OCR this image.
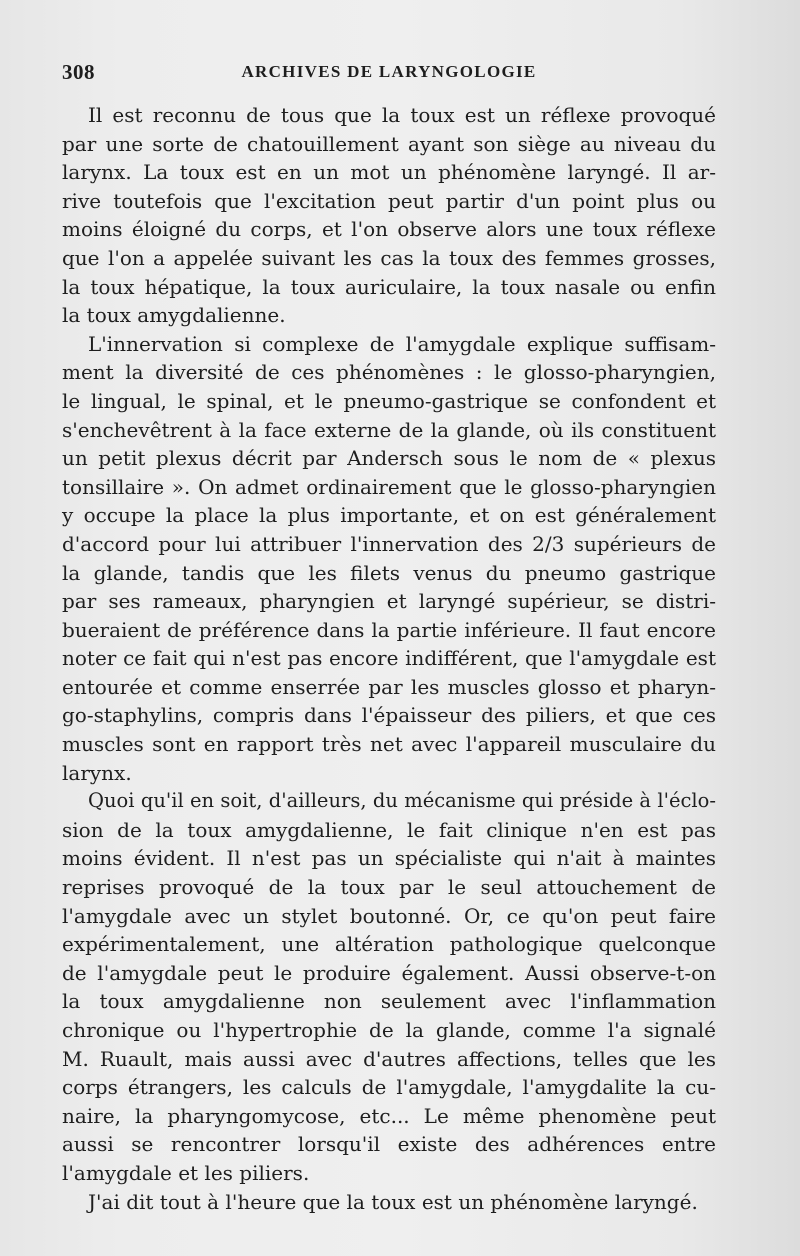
308	ARCHIVES DE LARYNGOLOGIE
Il est reconnu de tous que la toux est un réflexe provoqué
par une sorte de chatouillement ayant son siège au niveau du
larynx. La toux est en un mot un phénomène laryngé. Il ar-
rive toutefois que l'excitation peut partir d'un point plus ou
moins éloigné du corps, et l'on observe alors une toux réflexe
que l'on a appelée suivant les cas la toux des femmes grosses,
la toux hépatique, la toux auriculaire, la toux nasale ou enfin
la toux amygdalienne.
L'innervation si complexe de l'amygdale explique suffisam-
ment la diversité de ces phénomènes : le glosso-pharyngien,
le lingual, le spinal, et le pneumo-gastrique se confondent et
s'enchevêtrent à la face externe de la glande, où ils constituent
un petit plexus décrit par Andersch sous le nom de « plexus
tonsillaire ». On admet ordinairement que le glosso-pharyngien
y occupe la place la plus importante, et on est généralement
d'accord pour lui attribuer l'innervation des 2/3 supérieurs de
la glande, tandis que les filets venus du pneumo gastrique
par ses rameaux, pharyngien et laryngé supérieur, se distri-
bueraient de préférence dans la partie inférieure. Il faut encore
noter ce fait qui n'est pas encore indifférent, que l'amygdale est
entourée et comme enserrée par les muscles glosso et pharyn-
go-staphylins, compris dans l'épaisseur des piliers, et que ces
muscles sont en rapport très net avec l'appareil musculaire du
larynx.
Quoi qu'il en soit, d'ailleurs, du mécanisme qui préside à l'éclo-
sion de la toux amygdalienne, le fait clinique n'en est pas
moins évident. Il n'est pas un spécialiste qui n'ait à maintes
reprises provoqué de la toux par le seul attouchement de
l'amygdale avec un stylet boutonné. Or, ce qu'on peut faire
expérimentalement, une altération pathologique quelconque
de l'amygdale peut le produire également. Aussi observe-t-on
la toux amygdalienne non seulement avec l'inflammation
chronique ou l'hypertrophie de la glande, comme l'a signalé
M. Ruault, mais aussi avec d'autres affections, telles que les
corps étrangers, les calculs de l'amygdale, l'amygdalite la cu-
naire, la pharyngomycose, etc... Le même phenomène peut
aussi se rencontrer lorsqu'il existe des adhérences entre
l'amygdale et les piliers.
J'ai dit tout à l'heure que la toux est un phénomène laryngé.
